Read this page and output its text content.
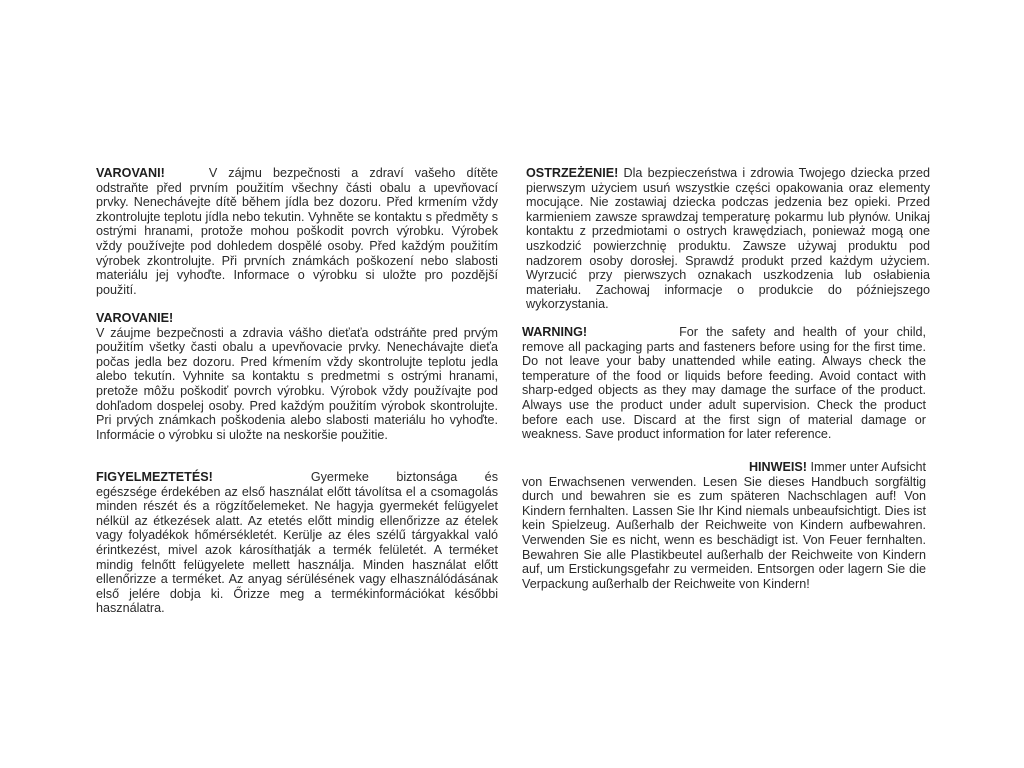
VAROVANI!	V zájmu bezpečnosti a zdraví vašeho dítěte odstraňte před prvním použitím všechny části obalu a upevňovací prvky. Nenechávejte dítě během jídla bez dozoru. Před krmením vždy zkontrolujte teplotu jídla nebo tekutin. Vyhněte se kontaktu s předměty s ostrými hranami, protože mohou poškodit povrch výrobku. Výrobek vždy používejte pod dohledem dospělé osoby. Před každým použitím výrobek zkontrolujte. Při prvních známkách poškození nebo slabosti materiálu jej vyhoďte. Informace o výrobku si uložte pro pozdější použití.
VAROVANIE!
V záujme bezpečnosti a zdravia vášho dieťaťa odstráňte pred prvým použitím všetky časti obalu a upevňovacie prvky. Nenechávajte dieťa počas jedla bez dozoru. Pred kŕmením vždy skontrolujte teplotu jedla alebo tekutín. Vyhnite sa kontaktu s predmetmi s ostrými hranami, pretože môžu poškodiť povrch výrobku. Výrobok vždy používajte pod dohľadom dospelej osoby. Pred každým použitím výrobok skontrolujte. Pri prvých známkach poškodenia alebo slabosti materiálu ho vyhoďte. Informácie o výrobku si uložte na neskoršie použitie.
FIGYELMEZTETÉS!	Gyermeke biztonsága és egészsége érdekében az első használat előtt távolítsa el a csomagolás minden részét és a rögzítőelemeket. Ne hagyja gyermekét felügyelet nélkül az étkezések alatt. Az etetés előtt mindig ellenőrizze az ételek vagy folyadékok hőmérsékletét. Kerülje az éles szélű tárgyakkal való érintkezést, mivel azok károsíthatják a termék felületét. A terméket mindig felnőtt felügyelete mellett használja. Minden használat előtt ellenőrizze a terméket. Az anyag sérülésének vagy elhasználódásának első jelére dobja ki. Őrizze meg a termékinformációkat későbbi használatra.
OSTRZEŻENIE! Dla bezpieczeństwa i zdrowia Twojego dziecka przed pierwszym użyciem usuń wszystkie części opakowania oraz elementy mocujące. Nie zostawiaj dziecka podczas jedzenia bez opieki. Przed karmieniem zawsze sprawdzaj temperaturę pokarmu lub płynów. Unikaj kontaktu z przedmiotami o ostrych krawędziach, ponieważ mogą one uszkodzić powierzchnię produktu. Zawsze używaj produktu pod nadzorem osoby dorosłej. Sprawdź produkt przed każdym użyciem. Wyrzucić przy pierwszych oznakach uszkodzenia lub osłabienia materiału. Zachowaj informacje o produkcie do późniejszego wykorzystania.
WARNING!	For the safety and health of your child, remove all packaging parts and fasteners before using for the first time. Do not leave your baby unattended while eating. Always check the temperature of the food or liquids before feeding. Avoid contact with sharp-edged objects as they may damage the surface of the product. Always use the product under adult supervision. Check the product before each use. Discard at the first sign of material damage or weakness. Save product information for later reference.
HINWEIS! Immer unter Aufsicht
von Erwachsenen verwenden. Lesen Sie dieses Handbuch sorgfältig durch und bewahren sie es zum späteren Nachschlagen auf! Von Kindern fernhalten. Lassen Sie Ihr Kind niemals unbeaufsichtigt. Dies ist kein Spielzeug. Außerhalb der Reichweite von Kindern aufbewahren. Verwenden Sie es nicht, wenn es beschädigt ist. Von Feuer fernhalten. Bewahren Sie alle Plastikbeutel außerhalb der Reichweite von Kindern auf, um Erstickungsgefahr zu vermeiden. Entsorgen oder lagern Sie die Verpackung außerhalb der Reichweite von Kindern!
